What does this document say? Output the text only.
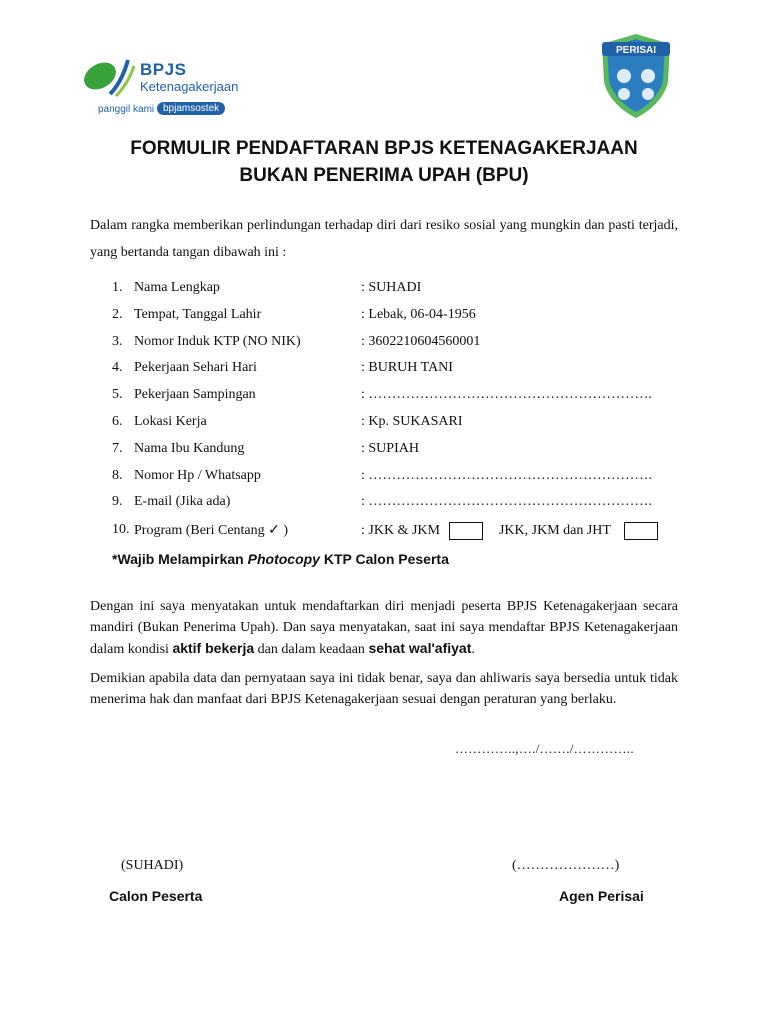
BPJS
Ketenagakerjaan
panggil kami bpjamsostek
PERISAI
FORMULIR PENDAFTARAN BPJS KETENAGAKERJAAN
BUKAN PENERIMA UPAH (BPU)
Dalam rangka memberikan perlindungan terhadap diri dari resiko sosial yang mungkin dan pasti terjadi, yang bertanda tangan dibawah ini :
1. Nama Lengkap	: SUHADI
2. Tempat, Tanggal Lahir	: Lebak, 06-04-1956
3. Nomor Induk KTP (NO NIK)	: 3602210604560001
4. Pekerjaan Sehari Hari	: BURUH TANI
5. Pekerjaan Sampingan	: …………………………………………………….
6. Lokasi Kerja	: Kp. SUKASARI
7. Nama Ibu Kandung	: SUPIAH
8. Nomor Hp / Whatsapp	: …………………………………………………….
9. E-mail (Jika ada)	: …………………………………………………….
10. Program (Beri Centang ✓ )	: JKK & JKM	JKK, JKM dan JHT
*Wajib Melampirkan Photocopy KTP Calon Peserta
Dengan ini saya menyatakan untuk mendaftarkan diri menjadi peserta BPJS Ketenagakerjaan secara mandiri (Bukan Penerima Upah). Dan saya menyatakan, saat ini saya mendaftar BPJS Ketenagakerjaan dalam kondisi aktif bekerja dan dalam keadaan sehat wal'afiyat.
Demikian apabila data dan pernyataan saya ini tidak benar, saya dan ahliwaris saya bersedia untuk tidak menerima hak dan manfaat dari BPJS Ketenagakerjaan sesuai dengan peraturan yang berlaku.
…………..,…./……./…………..
(SUHADI)	(…………………)
Calon Peserta	Agen Perisai
